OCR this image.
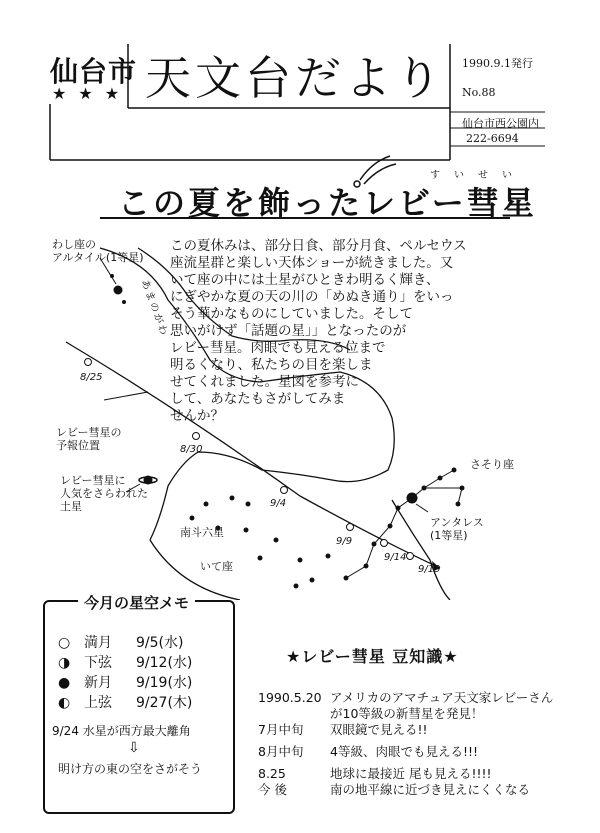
仙台市
★★★ 天文台だより 1990.9.1発行
No.88
仙台市西公園内
222-6694
すいせい
この夏を飾ったレビー彗星
この夏休みは、部分日食、部分月食、ペルセウス
座流星群と楽しい天体ショーが続きました。又
いて座の中には土星がひときわ明るく輝き、
にぎやかな夏の天の川の「めぬき通り」をいっ
そう華かなものにしていました。そして
思いがけず「話題の星」」となったのが
レビー彗星。肉眼でも見える位まで
明るくなり、私たちの目を楽しま
せてくれました。星図を参考に
して、あなたもさがしてみま
せんか？
わし座の
アルタイル(1等星)
あまのがわ
レビー彗星の
予報位置
レビー彗星に
人気をさらわれた
土星
南斗六星
いて座
さそり座
アンタレス
(1等星)
8/25
8/30
9/4
9/9
9/14
9/19
今月の星空メモ
○ 満月 9/5(水)
◑ 下弦 9/12(水)
● 新月 9/19(水)
◐ 上弦 9/27(木)
9/24 水星が西方最大離角
⇩
明け方の東の空をさがそう
★レビー彗星 豆知識★
1990.5.20 アメリカのアマチュア天文家レビーさん
が10等級の新彗星を発見！
7月中旬 双眼鏡で見える!!
8月中旬 4等級、肉眼でも見える!!!
8.25	地球に最接近 尾も見える!!!!
今 後	南の地平線に近づき見えにくくなる
